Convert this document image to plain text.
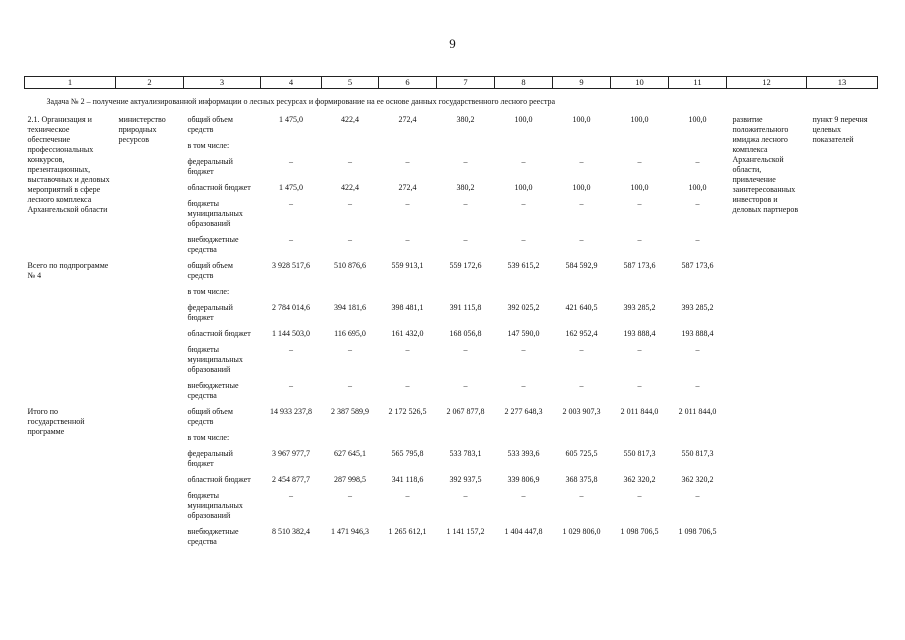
9
1	2	3	4	5	6	7	8	9	10	11	12	13
Задача № 2 – получение актуализированной информации о лесных ресурсах и формирование на ее основе данных государственного лесного реестра												
2.1. Организация и техническое обеспечение профессиональных конкурсов, презентационных, выставочных и деловых мероприятий в сфере лесного комплекса Архангельской области	министерство природных ресурсов	общий объем средств	1 475,0	422,4	272,4	380,2	100,0	100,0	100,0	100,0	развитие положительного имиджа лесного комплекса Архангельской области, привлечение заинтересованных инвесторов и деловых партнеров	пункт 9 перечня целевых показателей
		в том числе:										
		федеральный бюджет	–	–	–	–	–	–	–	–		
		областной бюджет	1 475,0	422,4	272,4	380,2	100,0	100,0	100,0	100,0		
		бюджеты муниципальных образований	–	–	–	–	–	–	–	–		
		внебюджетные средства	–	–	–	–	–	–	–	–		
Всего по подпрограмме № 4		общий объем средств	3 928 517,6	510 876,6	559 913,1	559 172,6	539 615,2	584 592,9	587 173,6	587 173,6		
		в том числе:										
		федеральный бюджет	2 784 014,6	394 181,6	398 481,1	391 115,8	392 025,2	421 640,5	393 285,2	393 285,2		
		областной бюджет	1 144 503,0	116 695,0	161 432,0	168 056,8	147 590,0	162 952,4	193 888,4	193 888,4		
		бюджеты муниципальных образований	–	–	–	–	–	–	–	–		
		внебюджетные средства	–	–	–	–	–	–	–	–		
Итого по государственной программе		общий объем средств	14 933 237,8	2 387 589,9	2 172 526,5	2 067 877,8	2 277 648,3	2 003 907,3	2 011 844,0	2 011 844,0		
		в том числе:										
		федеральный бюджет	3 967 977,7	627 645,1	565 795,8	533 783,1	533 393,6	605 725,5	550 817,3	550 817,3		
		областной бюджет	2 454 877,7	287 998,5	341 118,6	392 937,5	339 806,9	368 375,8	362 320,2	362 320,2		
		бюджеты муниципальных образований	–	–	–	–	–	–	–	–		
		внебюджетные средства	8 510 382,4	1 471 946,3	1 265 612,1	1 141 157,2	1 404 447,8	1 029 806,0	1 098 706,5	1 098 706,5		
